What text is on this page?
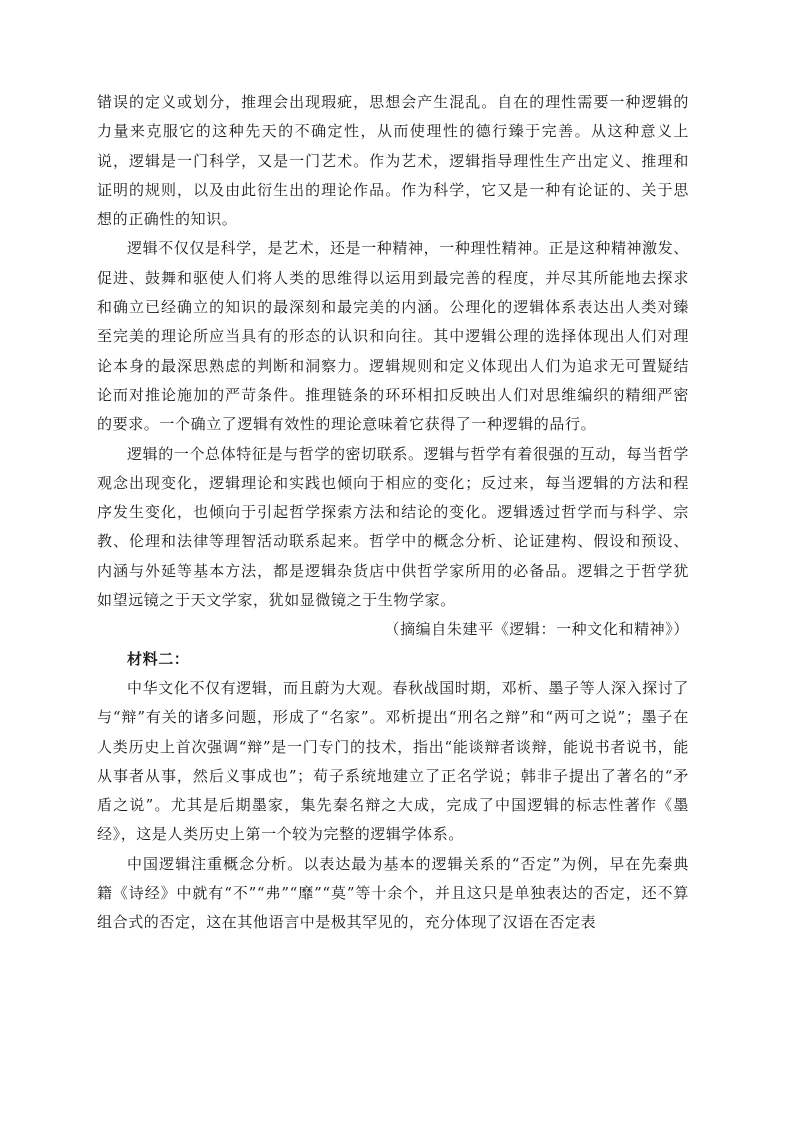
错误的定义或划分，推理会出现瑕疵，思想会产生混乱。自在的理性需要一种逻辑的力量来克服它的这种先天的不确定性，从而使理性的德行臻于完善。从这种意义上说，逻辑是一门科学，又是一门艺术。作为艺术，逻辑指导理性生产出定义、推理和证明的规则，以及由此衍生出的理论作品。作为科学，它又是一种有论证的、关于思想的正确性的知识。

逻辑不仅仅是科学，是艺术，还是一种精神，一种理性精神。正是这种精神激发、促进、鼓舞和驱使人们将人类的思维得以运用到最完善的程度，并尽其所能地去探求和确立已经确立的知识的最深刻和最完美的内涵。公理化的逻辑体系表达出人类对臻至完美的理论所应当具有的形态的认识和向往。其中逻辑公理的选择体现出人们对理论本身的最深思熟虑的判断和洞察力。逻辑规则和定义体现出人们为追求无可置疑结论而对推论施加的严苛条件。推理链条的环环相扣反映出人们对思维编织的精细严密的要求。一个确立了逻辑有效性的理论意味着它获得了一种逻辑的品行。

逻辑的一个总体特征是与哲学的密切联系。逻辑与哲学有着很强的互动，每当哲学观念出现变化，逻辑理论和实践也倾向于相应的变化；反过来，每当逻辑的方法和程序发生变化，也倾向于引起哲学探索方法和结论的变化。逻辑透过哲学而与科学、宗教、伦理和法律等理智活动联系起来。哲学中的概念分析、论证建构、假设和预设、内涵与外延等基本方法，都是逻辑杂货店中供哲学家所用的必备品。逻辑之于哲学犹如望远镜之于天文学家，犹如显微镜之于生物学家。

（摘编自朱建平《逻辑：一种文化和精神》）

材料二：

中华文化不仅有逻辑，而且蔚为大观。春秋战国时期，邓析、墨子等人深入探讨了与“辩”有关的诸多问题，形成了“名家”。邓析提出“刑名之辩”和“两可之说”；墨子在人类历史上首次强调“辩”是一门专门的技术，指出“能谈辩者谈辩，能说书者说书，能从事者从事，然后义事成也”；荀子系统地建立了正名学说；韩非子提出了著名的“矛盾之说”。尤其是后期墨家，集先秦名辩之大成，完成了中国逻辑的标志性著作《墨经》，这是人类历史上第一个较为完整的逻辑学体系。

中国逻辑注重概念分析。以表达最为基本的逻辑关系的“否定”为例，早在先秦典籍《诗经》中就有“不”“弗”“靡”“莫”等十余个，并且这只是单独表达的否定，还不算组合式的否定，这在其他语言中是极其罕见的，充分体现了汉语在否定表
